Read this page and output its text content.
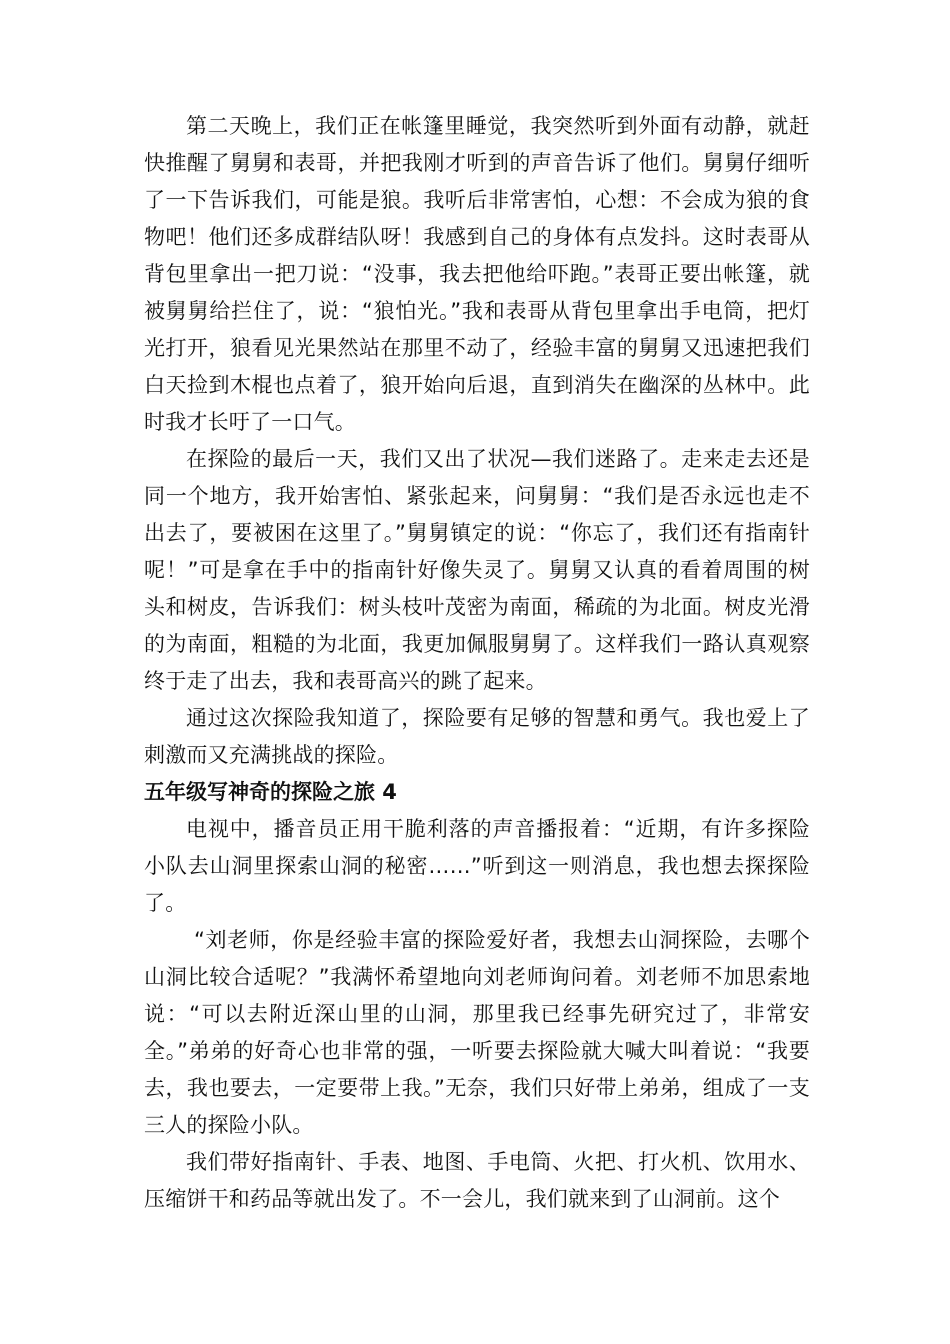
第二天晚上，我们正在帐篷里睡觉，我突然听到外面有动静，就赶快推醒了舅舅和表哥，并把我刚才听到的声音告诉了他们。舅舅仔细听了一下告诉我们，可能是狼。我听后非常害怕，心想：不会成为狼的食物吧！他们还多成群结队呀！我感到自己的身体有点发抖。这时表哥从背包里拿出一把刀说：“没事，我去把他给吓跑。”表哥正要出帐篷，就被舅舅给拦住了，说：“狼怕光。”我和表哥从背包里拿出手电筒，把灯光打开，狼看见光果然站在那里不动了，经验丰富的舅舅又迅速把我们白天捡到木棍也点着了，狼开始向后退，直到消失在幽深的丛林中。此时我才长吁了一口气。

在探险的最后一天，我们又出了状况—我们迷路了。走来走去还是同一个地方，我开始害怕、紧张起来，问舅舅：“我们是否永远也走不出去了，要被困在这里了。”舅舅镇定的说：“你忘了，我们还有指南针呢！”可是拿在手中的指南针好像失灵了。舅舅又认真的看着周围的树头和树皮，告诉我们：树头枝叶茂密为南面，稀疏的为北面。树皮光滑的为南面，粗糙的为北面，我更加佩服舅舅了。这样我们一路认真观察终于走了出去，我和表哥高兴的跳了起来。

通过这次探险我知道了，探险要有足够的智慧和勇气。我也爱上了刺激而又充满挑战的探险。

五年级写神奇的探险之旅 4

电视中，播音员正用干脆利落的声音播报着：“近期，有许多探险小队去山洞里探索山洞的秘密……”听到这一则消息，我也想去探探险了。

“刘老师，你是经验丰富的探险爱好者，我想去山洞探险，去哪个山洞比较合适呢？”我满怀希望地向刘老师询问着。刘老师不加思索地说：“可以去附近深山里的山洞，那里我已经事先研究过了，非常安全。”弟弟的好奇心也非常的强，一听要去探险就大喊大叫着说：“我要去，我也要去，一定要带上我。”无奈，我们只好带上弟弟，组成了一支三人的探险小队。

我们带好指南针、手表、地图、手电筒、火把、打火机、饮用水、压缩饼干和药品等就出发了。不一会儿，我们就来到了山洞前。这个
